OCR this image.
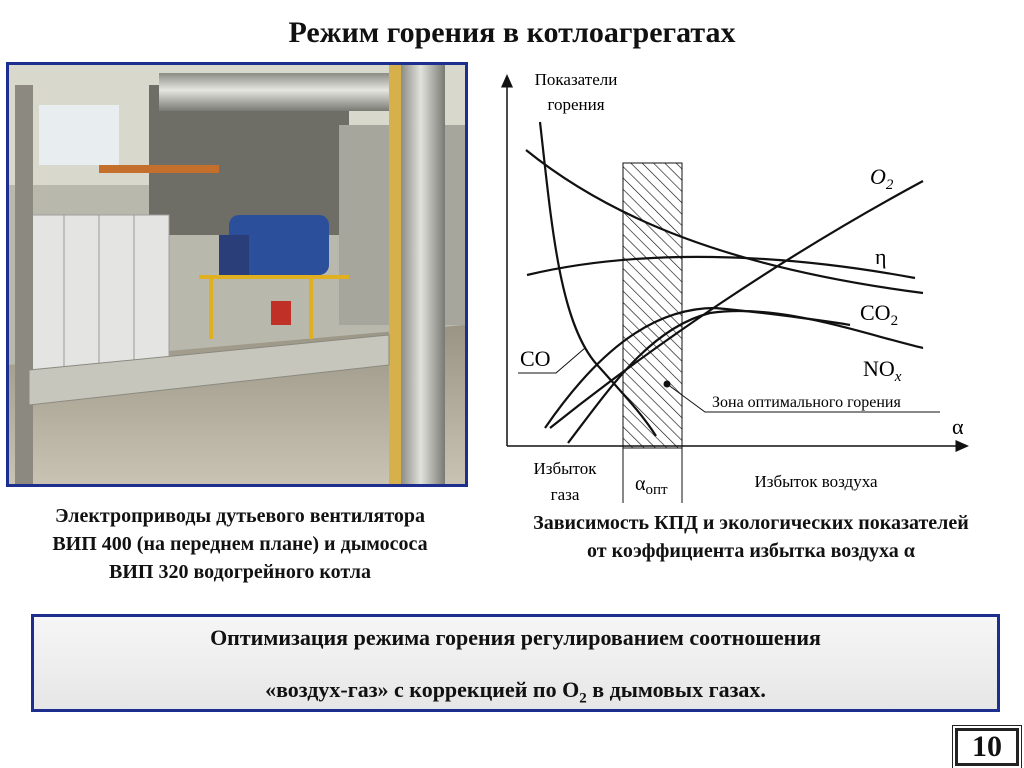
Режим горения в котлоагрегатах
Электроприводы дутьевого вентилятора
ВИП 400 (на переднем плане) и дымососа
ВИП 320 водогрейного котла
Показатели
горения
$O_2$
η
$CO_2$
$NO_x$
CO
Зона оптимального горения
α
Избыток
газа	$\alpha_{опт}$	Избыток воздуха
Зависимость КПД и экологических показателей
от коэффициента избытка воздуха α
Оптимизация режима горения регулированием соотношения
«воздух-газ» с коррекцией по $O_2$ в дымовых газах.
10
